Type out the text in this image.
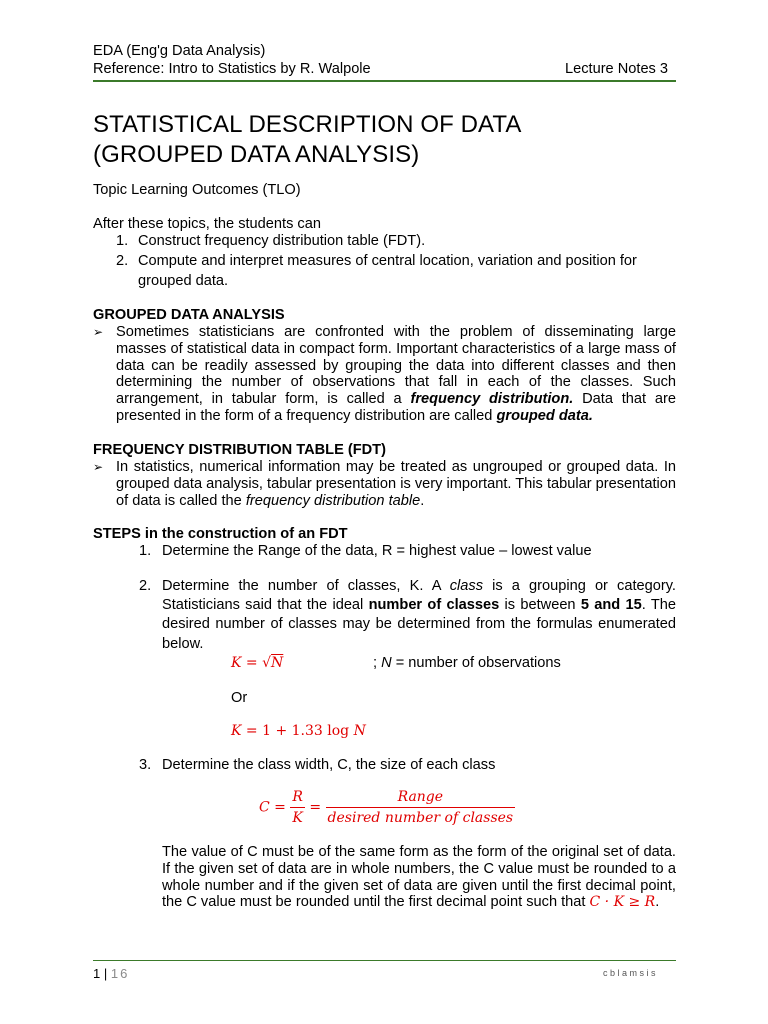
EDA (Eng'g Data Analysis)
Reference: Intro to Statistics by R. Walpole	Lecture Notes 3
STATISTICAL DESCRIPTION OF DATA
(GROUPED DATA ANALYSIS)
Topic Learning Outcomes (TLO)
After these topics, the students can
1. Construct frequency distribution table (FDT).
2. Compute and interpret measures of central location, variation and position for
grouped data.
GROUPED DATA ANALYSIS
➢ Sometimes statisticians are confronted with the problem of disseminating large masses of statistical data in compact form. Important characteristics of a large mass of data can be readily assessed by grouping the data into different classes and then determining the number of observations that fall in each of the classes. Such arrangement, in tabular form, is called a frequency distribution. Data that are presented in the form of a frequency distribution are called grouped data.
FREQUENCY DISTRIBUTION TABLE (FDT)
➢ In statistics, numerical information may be treated as ungrouped or grouped data. In grouped data analysis, tabular presentation is very important. This tabular presentation of data is called the frequency distribution table.
STEPS in the construction of an FDT
1. Determine the Range of the data, R = highest value – lowest value
2. Determine the number of classes, K. A class is a grouping or category. Statisticians said that the ideal number of classes is between 5 and 15. The desired number of classes may be determined from the formulas enumerated below.
K = √N	; N = number of observations
Or
K = 1 + 1.33 log N
3. Determine the class width, C, the size of each class
$C = \frac{R}{K} = \frac{\text{Range}}{\text{desired number of classes}}$
The value of C must be of the same form as the form of the original set of data. If the given set of data are in whole numbers, the C value must be rounded to a whole number and if the given set of data are given until the first decimal point, the C value must be rounded until the first decimal point such that C · K ≥ R.
1 | 16	c b l a m s i s
